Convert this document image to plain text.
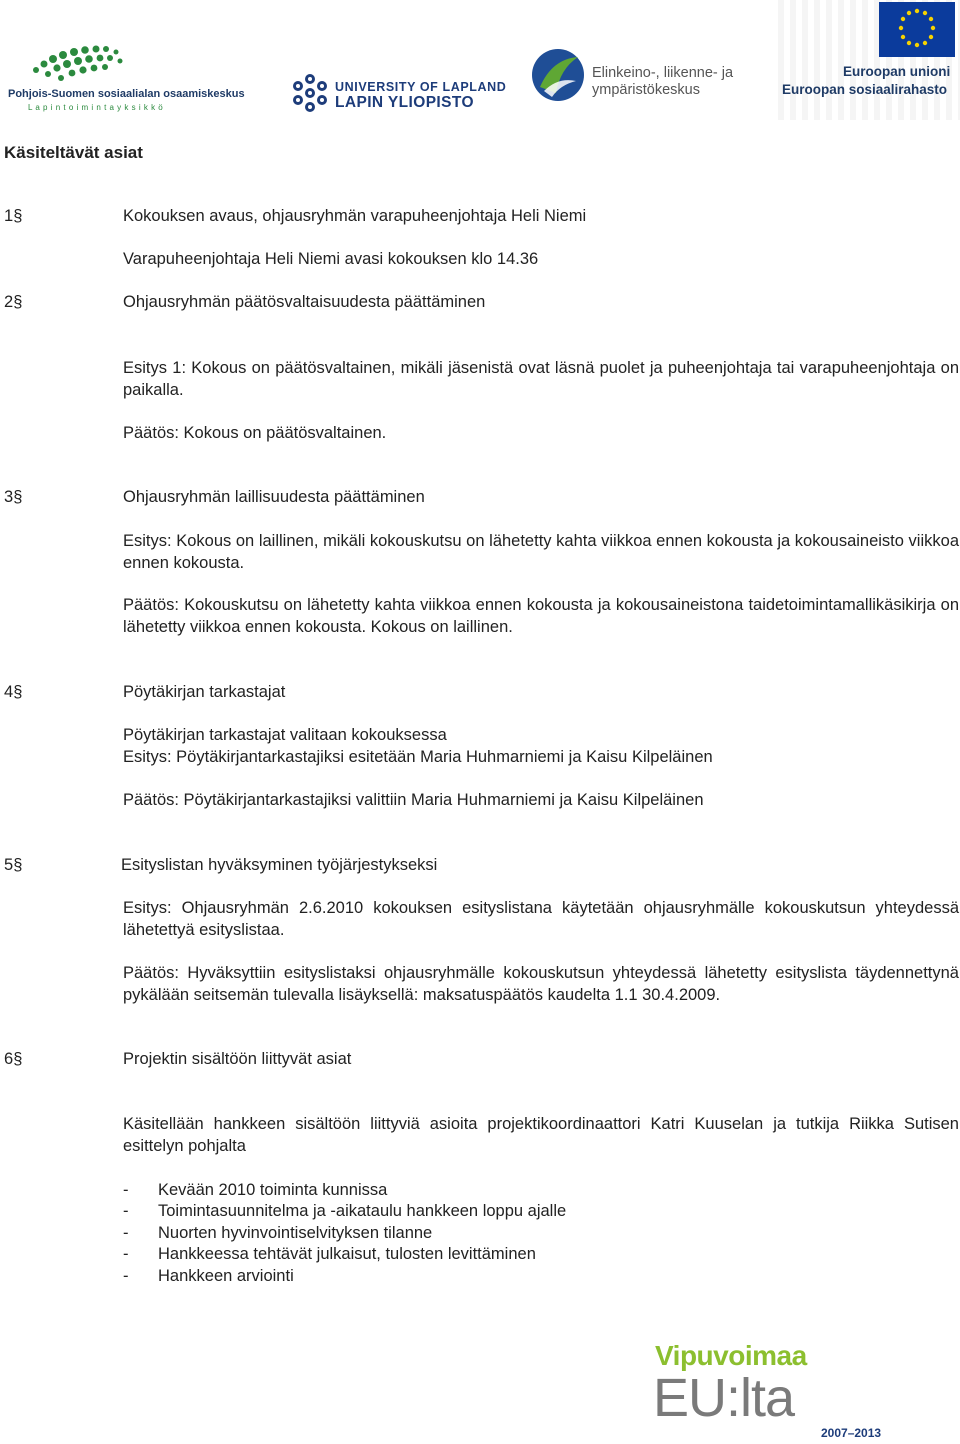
Pohjois-Suomen sosiaalialan osaamiskeskus
L a p i n t o i m i n t a y k s i k k ö
UNIVERSITY OF LAPLAND
LAPIN YLIOPISTO
Elinkeino-, liikenne- ja
ympäristökeskus
Euroopan unioni
Euroopan sosiaalirahasto
Käsiteltävät asiat
1§	Kokouksen avaus, ohjausryhmän varapuheenjohtaja Heli Niemi
Varapuheenjohtaja Heli Niemi avasi kokouksen klo 14.36
2§	Ohjausryhmän päätösvaltaisuudesta päättäminen
Esitys 1: Kokous on päätösvaltainen, mikäli jäsenistä ovat läsnä puolet ja puheenjohtaja tai varapuheenjohtaja on paikalla.
Päätös: Kokous on päätösvaltainen.
3§	Ohjausryhmän laillisuudesta päättäminen
Esitys: Kokous on laillinen, mikäli kokouskutsu on lähetetty kahta viikkoa ennen kokousta ja kokousaineisto viikkoa ennen kokousta.
Päätös: Kokouskutsu on lähetetty kahta viikkoa ennen kokousta ja kokousaineistona taidetoimintamallikäsikirja on lähetetty viikkoa ennen kokousta. Kokous on laillinen.
4§	Pöytäkirjan tarkastajat
Pöytäkirjan tarkastajat valitaan kokouksessa
Esitys: Pöytäkirjantarkastajiksi esitetään Maria Huhmarniemi ja Kaisu Kilpeläinen
Päätös: Pöytäkirjantarkastajiksi valittiin Maria Huhmarniemi ja Kaisu Kilpeläinen
5§	Esityslistan hyväksyminen työjärjestykseksi
Esitys: Ohjausryhmän 2.6.2010 kokouksen esityslistana käytetään ohjausryhmälle kokouskutsun yhteydessä lähetettyä esityslistaa.
Päätös: Hyväksyttiin esityslistaksi ohjausryhmälle kokouskutsun yhteydessä lähetetty esityslista täydennettynä pykälään seitsemän tulevalla lisäyksellä: maksatuspäätös kaudelta 1.1 30.4.2009.
6§	Projektin sisältöön liittyvät asiat
Käsitellään hankkeen sisältöön liittyviä asioita projektikoordinaattori Katri Kuuselan ja tutkija Riikka Sutisen esittelyn pohjalta
- Kevään 2010 toiminta kunnissa
- Toimintasuunnitelma ja -aikataulu hankkeen loppu ajalle
- Nuorten hyvinvointiselvityksen tilanne
- Hankkeessa tehtävät julkaisut, tulosten levittäminen
- Hankkeen arviointi
Vipuvoimaa
EU:lta
2007–2013
